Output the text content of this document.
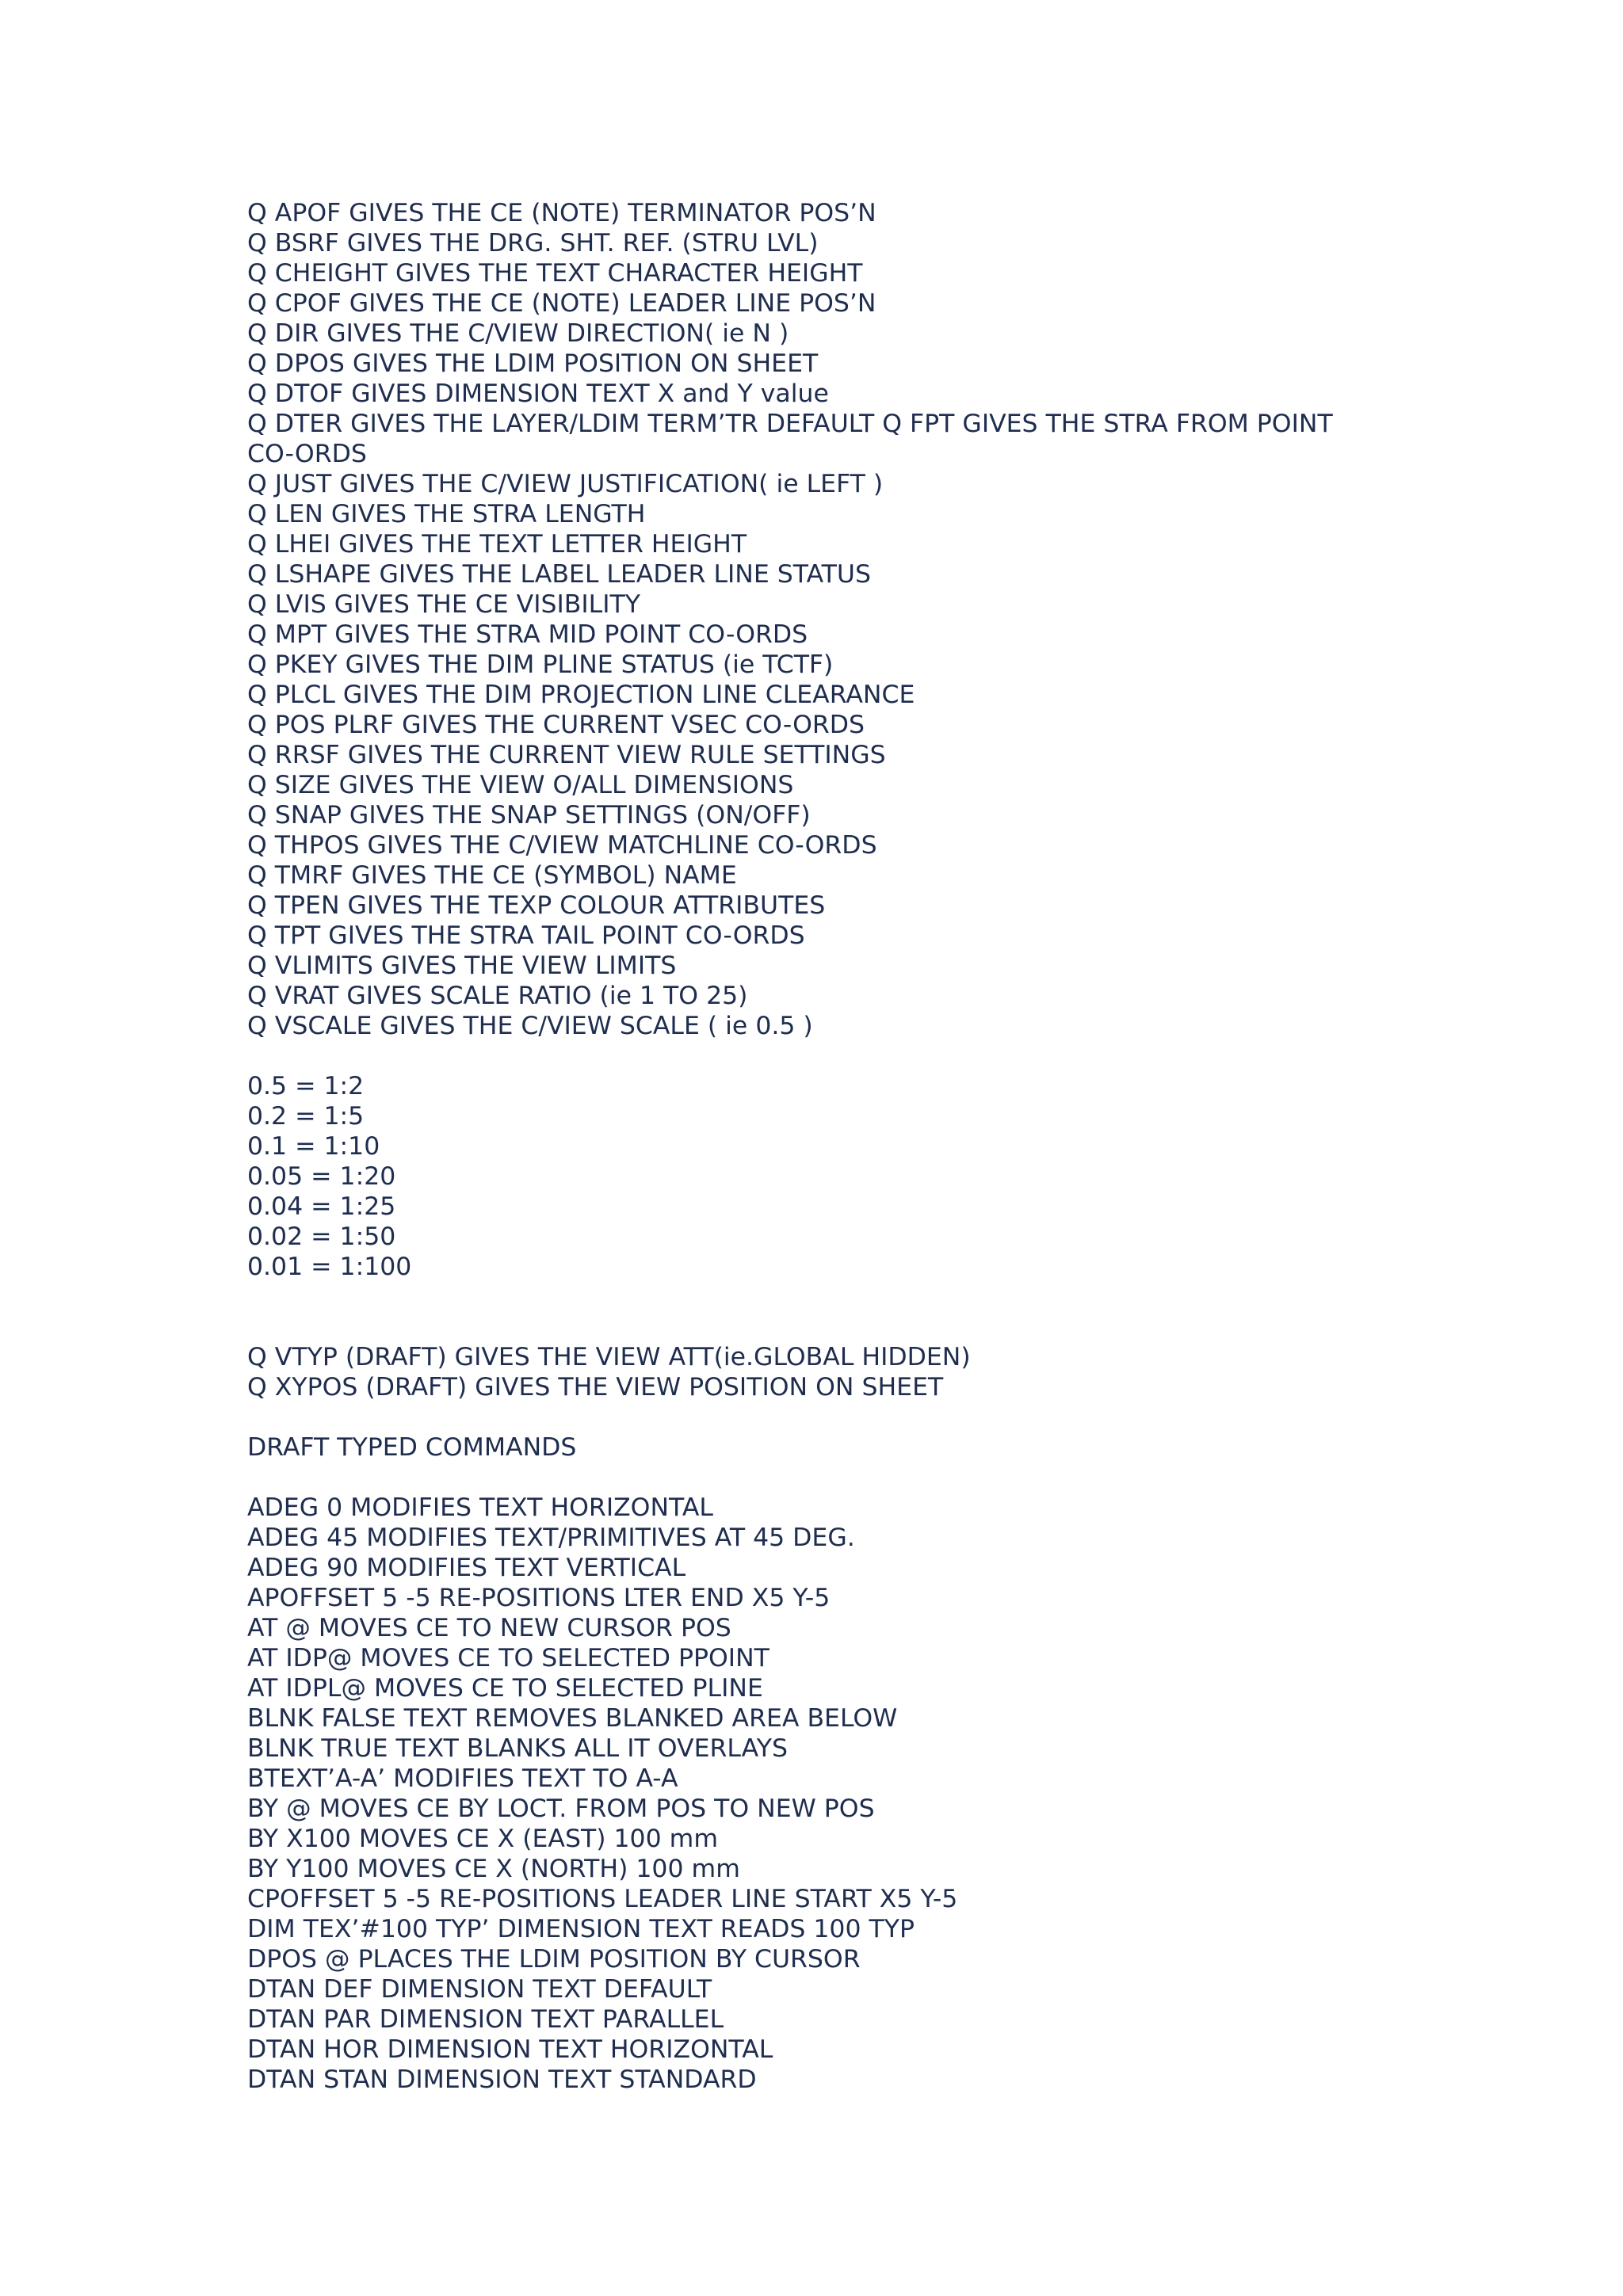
Q APOF GIVES THE CE (NOTE) TERMINATOR POS’N
Q BSRF GIVES THE DRG. SHT. REF. (STRU LVL)
Q CHEIGHT GIVES THE TEXT CHARACTER HEIGHT
Q CPOF GIVES THE CE (NOTE) LEADER LINE POS’N
Q DIR GIVES THE C/VIEW DIRECTION( ie N )
Q DPOS GIVES THE LDIM POSITION ON SHEET
Q DTOF GIVES DIMENSION TEXT X and Y value
Q DTER GIVES THE LAYER/LDIM TERM’TR DEFAULT Q FPT GIVES THE STRA FROM POINT CO-ORDS
Q JUST GIVES THE C/VIEW JUSTIFICATION( ie LEFT )
Q LEN GIVES THE STRA LENGTH
Q LHEI GIVES THE TEXT LETTER HEIGHT
Q LSHAPE GIVES THE LABEL LEADER LINE STATUS
Q LVIS GIVES THE CE VISIBILITY
Q MPT GIVES THE STRA MID POINT CO-ORDS
Q PKEY GIVES THE DIM PLINE STATUS (ie TCTF)
Q PLCL GIVES THE DIM PROJECTION LINE CLEARANCE
Q POS PLRF GIVES THE CURRENT VSEC CO-ORDS
Q RRSF GIVES THE CURRENT VIEW RULE SETTINGS
Q SIZE GIVES THE VIEW O/ALL DIMENSIONS
Q SNAP GIVES THE SNAP SETTINGS (ON/OFF)
Q THPOS GIVES THE C/VIEW MATCHLINE CO-ORDS
Q TMRF GIVES THE CE (SYMBOL) NAME
Q TPEN GIVES THE TEXP COLOUR ATTRIBUTES
Q TPT GIVES THE STRA TAIL POINT CO-ORDS
Q VLIMITS GIVES THE VIEW LIMITS
Q VRAT GIVES SCALE RATIO (ie 1 TO 25)
Q VSCALE GIVES THE C/VIEW SCALE ( ie 0.5 )
0.5 = 1:2
0.2 = 1:5
0.1 = 1:10
0.05 = 1:20
0.04 = 1:25
0.02 = 1:50
0.01 = 1:100
Q VTYP (DRAFT) GIVES THE VIEW ATT(ie.GLOBAL HIDDEN)
Q XYPOS (DRAFT) GIVES THE VIEW POSITION ON SHEET
DRAFT TYPED COMMANDS
ADEG 0 MODIFIES TEXT HORIZONTAL
ADEG 45 MODIFIES TEXT/PRIMITIVES AT 45 DEG.
ADEG 90 MODIFIES TEXT VERTICAL
APOFFSET 5 -5 RE-POSITIONS LTER END X5 Y-5
AT @ MOVES CE TO NEW CURSOR POS
AT IDP@ MOVES CE TO SELECTED PPOINT
AT IDPL@ MOVES CE TO SELECTED PLINE
BLNK FALSE TEXT REMOVES BLANKED AREA BELOW
BLNK TRUE TEXT BLANKS ALL IT OVERLAYS
BTEXT’A-A’ MODIFIES TEXT TO A-A
BY @ MOVES CE BY LOCT. FROM POS TO NEW POS
BY X100 MOVES CE X (EAST) 100 mm
BY Y100 MOVES CE X (NORTH) 100 mm
CPOFFSET 5 -5 RE-POSITIONS LEADER LINE START X5 Y-5
DIM TEX’#100 TYP’ DIMENSION TEXT READS 100 TYP
DPOS @ PLACES THE LDIM POSITION BY CURSOR
DTAN DEF DIMENSION TEXT DEFAULT
DTAN PAR DIMENSION TEXT PARALLEL
DTAN HOR DIMENSION TEXT HORIZONTAL
DTAN STAN DIMENSION TEXT STANDARD
